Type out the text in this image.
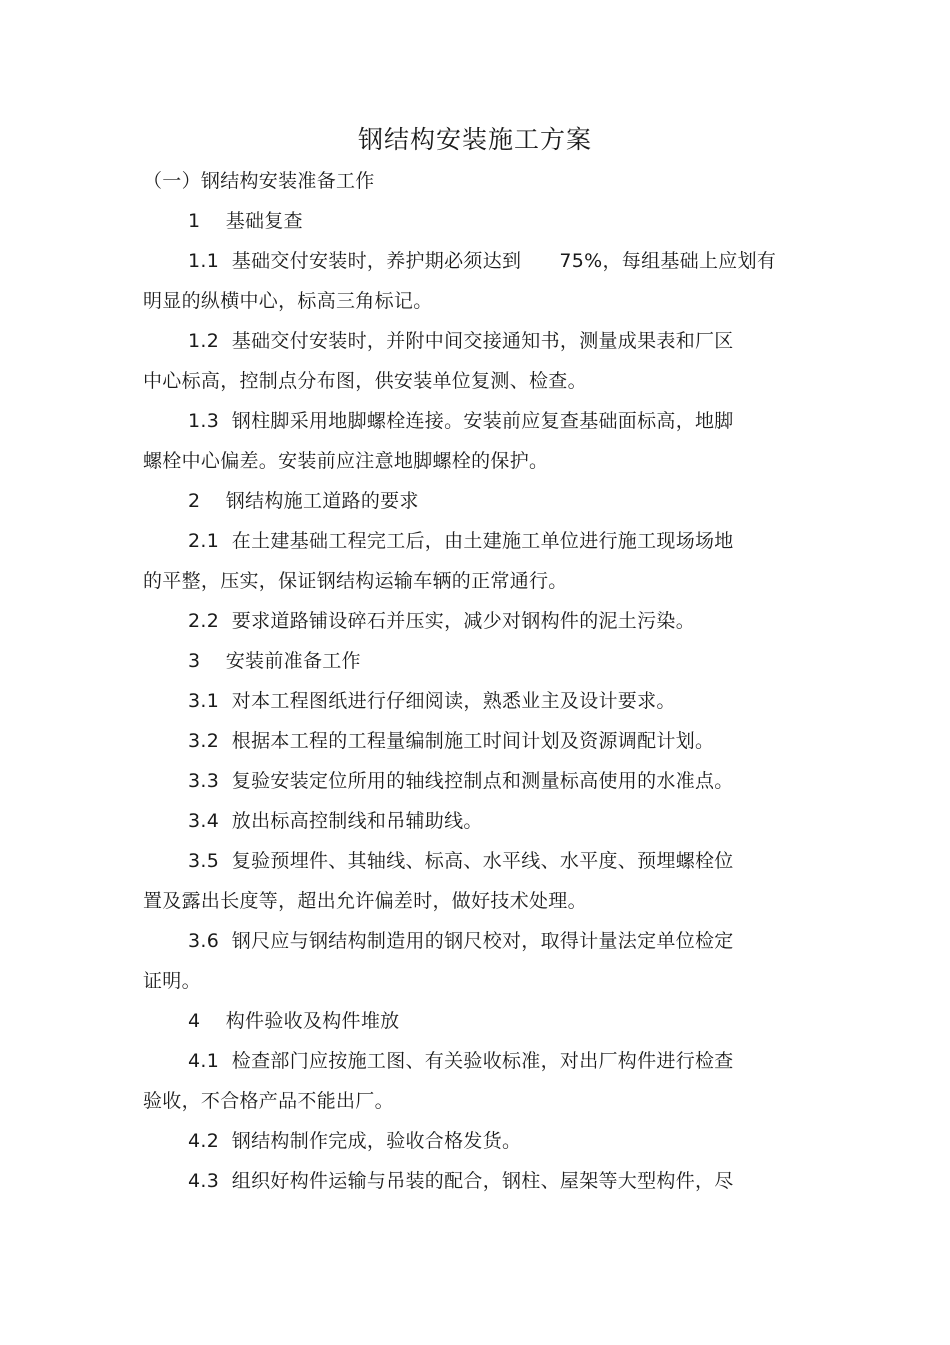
钢结构安装施工方案
（一）钢结构安装准备工作
1    基础复查
1.1  基础交付安装时，养护期必须达到      75%，每组基础上应划有
明显的纵横中心，标高三角标记。
1.2  基础交付安装时，并附中间交接通知书，测量成果表和厂区
中心标高，控制点分布图，供安装单位复测、检查。
1.3  钢柱脚采用地脚螺栓连接。安装前应复查基础面标高，地脚
螺栓中心偏差。安装前应注意地脚螺栓的保护。
2    钢结构施工道路的要求
2.1  在土建基础工程完工后，由土建施工单位进行施工现场场地
的平整，压实，保证钢结构运输车辆的正常通行。
2.2  要求道路铺设碎石并压实，减少对钢构件的泥土污染。
3    安装前准备工作
3.1  对本工程图纸进行仔细阅读，熟悉业主及设计要求。
3.2  根据本工程的工程量编制施工时间计划及资源调配计划。
3.3  复验安装定位所用的轴线控制点和测量标高使用的水准点。
3.4  放出标高控制线和吊辅助线。
3.5  复验预埋件、其轴线、标高、水平线、水平度、预埋螺栓位
置及露出长度等，超出允许偏差时，做好技术处理。
3.6  钢尺应与钢结构制造用的钢尺校对，取得计量法定单位检定
证明。
4    构件验收及构件堆放
4.1  检查部门应按施工图、有关验收标准，对出厂构件进行检查
验收，不合格产品不能出厂。
4.2  钢结构制作完成，验收合格发货。
4.3  组织好构件运输与吊装的配合，钢柱、屋架等大型构件，尽
